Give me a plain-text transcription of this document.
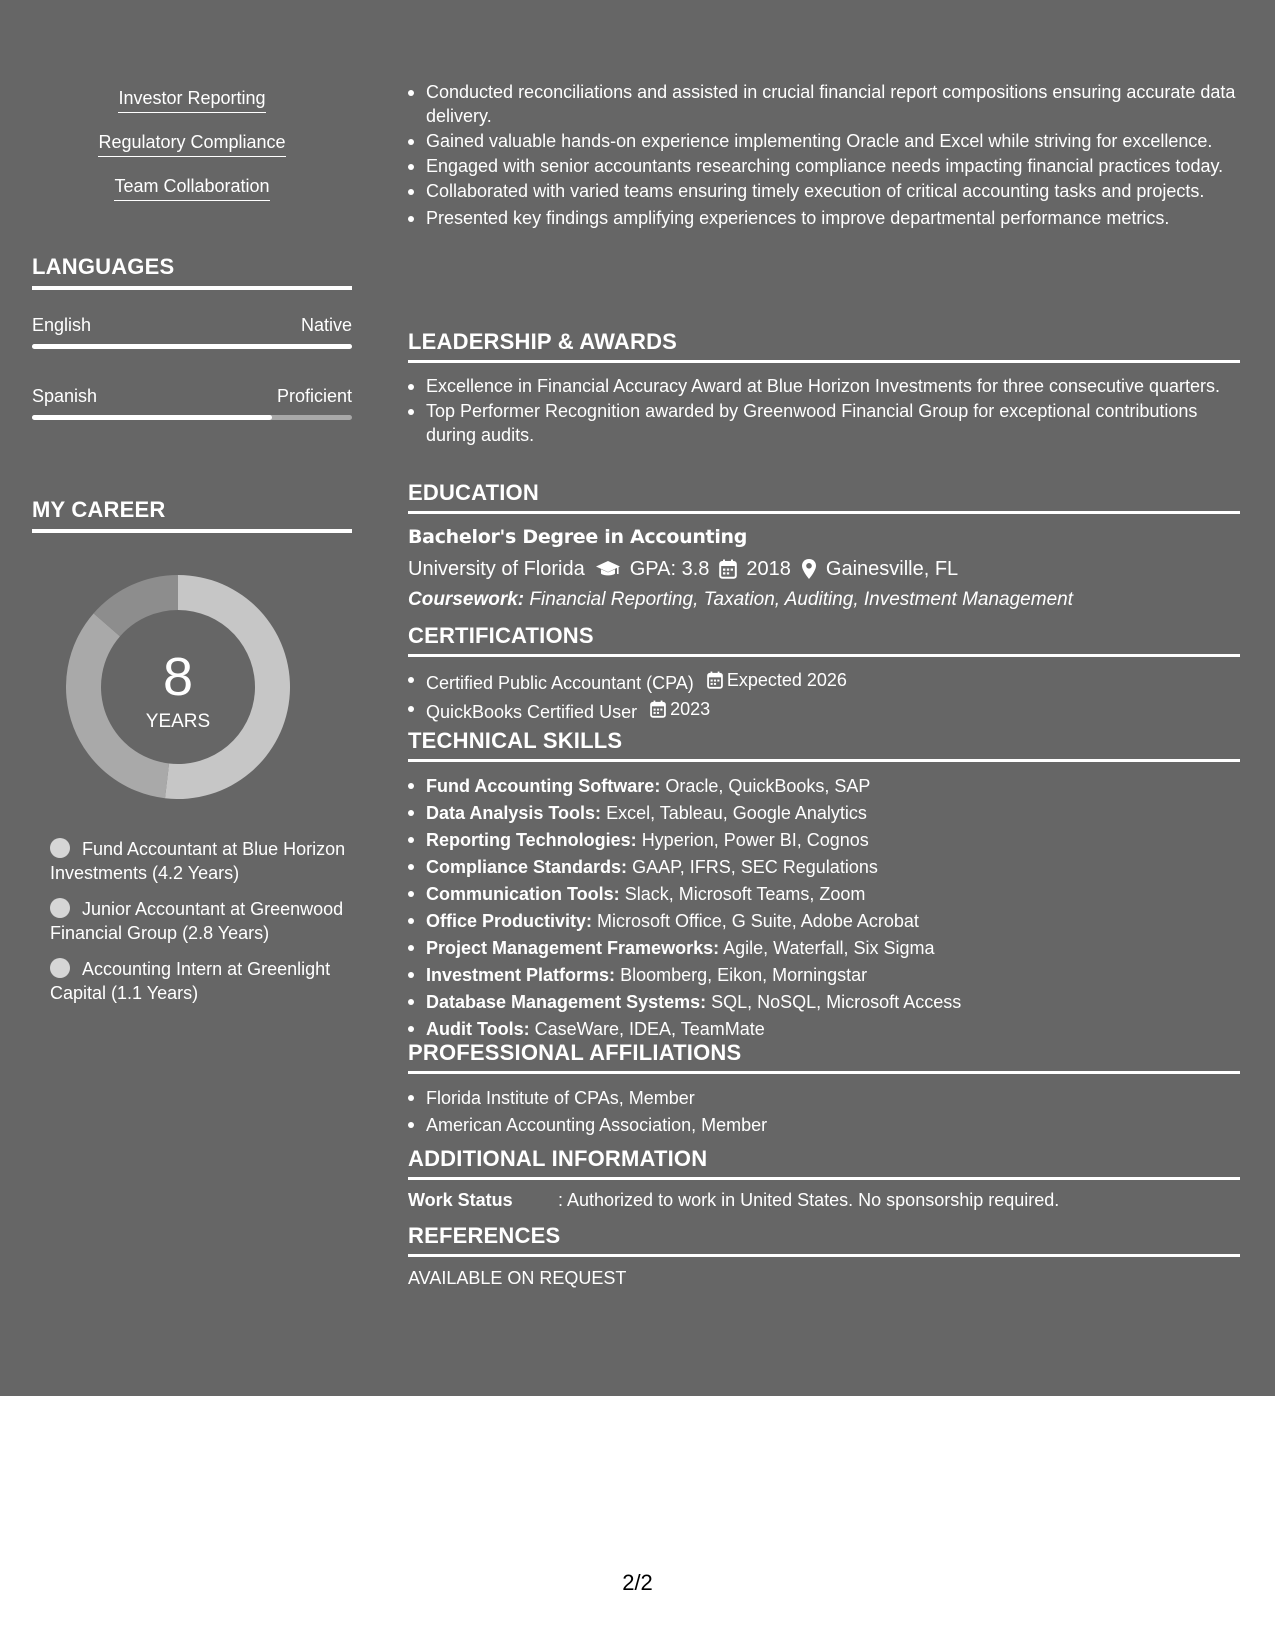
Investor Reporting
Regulatory Compliance
Team Collaboration
LANGUAGES
English	Native
Spanish	Proficient
MY CAREER
8
YEARS
Fund Accountant at Blue Horizon Investments (4.2 Years)
Junior Accountant at Greenwood Financial Group (2.8 Years)
Accounting Intern at Greenlight Capital (1.1 Years)
Conducted reconciliations and assisted in crucial financial report compositions ensuring accurate data delivery.
Gained valuable hands-on experience implementing Oracle and Excel while striving for excellence.
Engaged with senior accountants researching compliance needs impacting financial practices today.
Collaborated with varied teams ensuring timely execution of critical accounting tasks and projects.
Presented key findings amplifying experiences to improve departmental performance metrics.
LEADERSHIP & AWARDS
Excellence in Financial Accuracy Award at Blue Horizon Investments for three consecutive quarters.
Top Performer Recognition awarded by Greenwood Financial Group for exceptional contributions during audits.
EDUCATION
Bachelor's Degree in Accounting
University of Florida GPA: 3.8 2018 Gainesville, FL
Coursework: Financial Reporting, Taxation, Auditing, Investment Management
CERTIFICATIONS
Certified Public Accountant (CPA) Expected 2026
QuickBooks Certified User 2023
TECHNICAL SKILLS
Fund Accounting Software: Oracle, QuickBooks, SAP
Data Analysis Tools: Excel, Tableau, Google Analytics
Reporting Technologies: Hyperion, Power BI, Cognos
Compliance Standards: GAAP, IFRS, SEC Regulations
Communication Tools: Slack, Microsoft Teams, Zoom
Office Productivity: Microsoft Office, G Suite, Adobe Acrobat
Project Management Frameworks: Agile, Waterfall, Six Sigma
Investment Platforms: Bloomberg, Eikon, Morningstar
Database Management Systems: SQL, NoSQL, Microsoft Access
Audit Tools: CaseWare, IDEA, TeamMate
PROFESSIONAL AFFILIATIONS
Florida Institute of CPAs, Member
American Accounting Association, Member
ADDITIONAL INFORMATION
Work Status	: Authorized to work in United States. No sponsorship required.
REFERENCES
AVAILABLE ON REQUEST
2/2
